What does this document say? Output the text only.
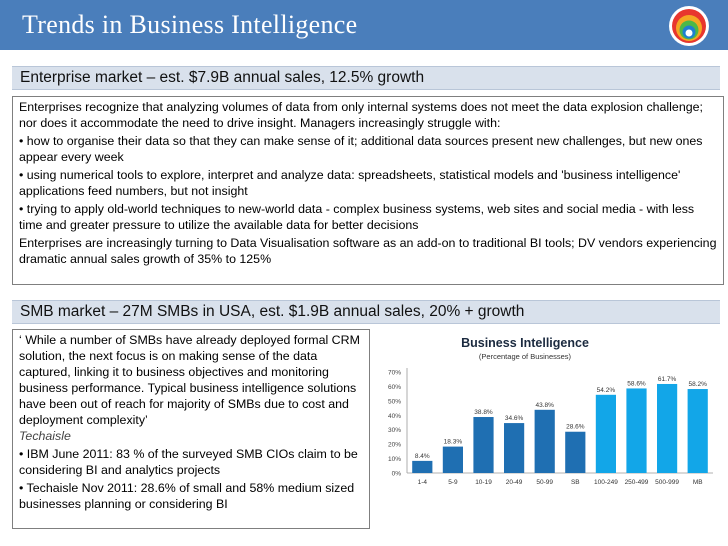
Trends in Business Intelligence
Enterprise market – est. $7.9B annual sales, 12.5% growth

Enterprises recognize that analyzing volumes of data from only internal systems does not meet the data explosion challenge; nor does it accommodate the need to drive insight. Managers increasingly struggle with:

• how to organise their data so that they can make sense of it; additional data sources present new challenges, but new ones appear every week

• using numerical tools to explore, interpret and analyze data: spreadsheets, statistical models and 'business intelligence' applications feed numbers, but not insight

• trying to apply old-world techniques to new-world data - complex business systems, web sites and social media - with less time and greater pressure to utilize the available data for better decisions

Enterprises are increasingly turning to Data Visualisation software as an add-on to traditional BI tools; DV vendors experiencing dramatic annual sales growth of 35% to 125%

SMB market – 27M SMBs in USA, est. $1.9B annual sales, 20% + growth

‘ While a number of SMBs have already deployed formal CRM solution, the next focus is on making sense of the data captured, linking it to business objectives and monitoring business performance. Typical business intelligence solutions have been out of reach for majority of SMBs due to cost and deployment complexity’
Techaisle

• IBM June 2011: 83 % of the surveyed SMB CIOs claim to be considering BI and analytics projects

• Techaisle Nov 2011: 28.6% of small and 58% medium sized businesses planning or considering BI

Business Intelligence
(Percentage of Businesses)
0%
10%
20%
30%
40%
50%
60%
70%
8.4%
1-4
18.3%
5-9
38.8%
10-19
34.6%
20-49
43.8%
50-99
28.6%
SB
54.2%
100-249
58.6%
250-499
61.7%
500-999
58.2%
MB
